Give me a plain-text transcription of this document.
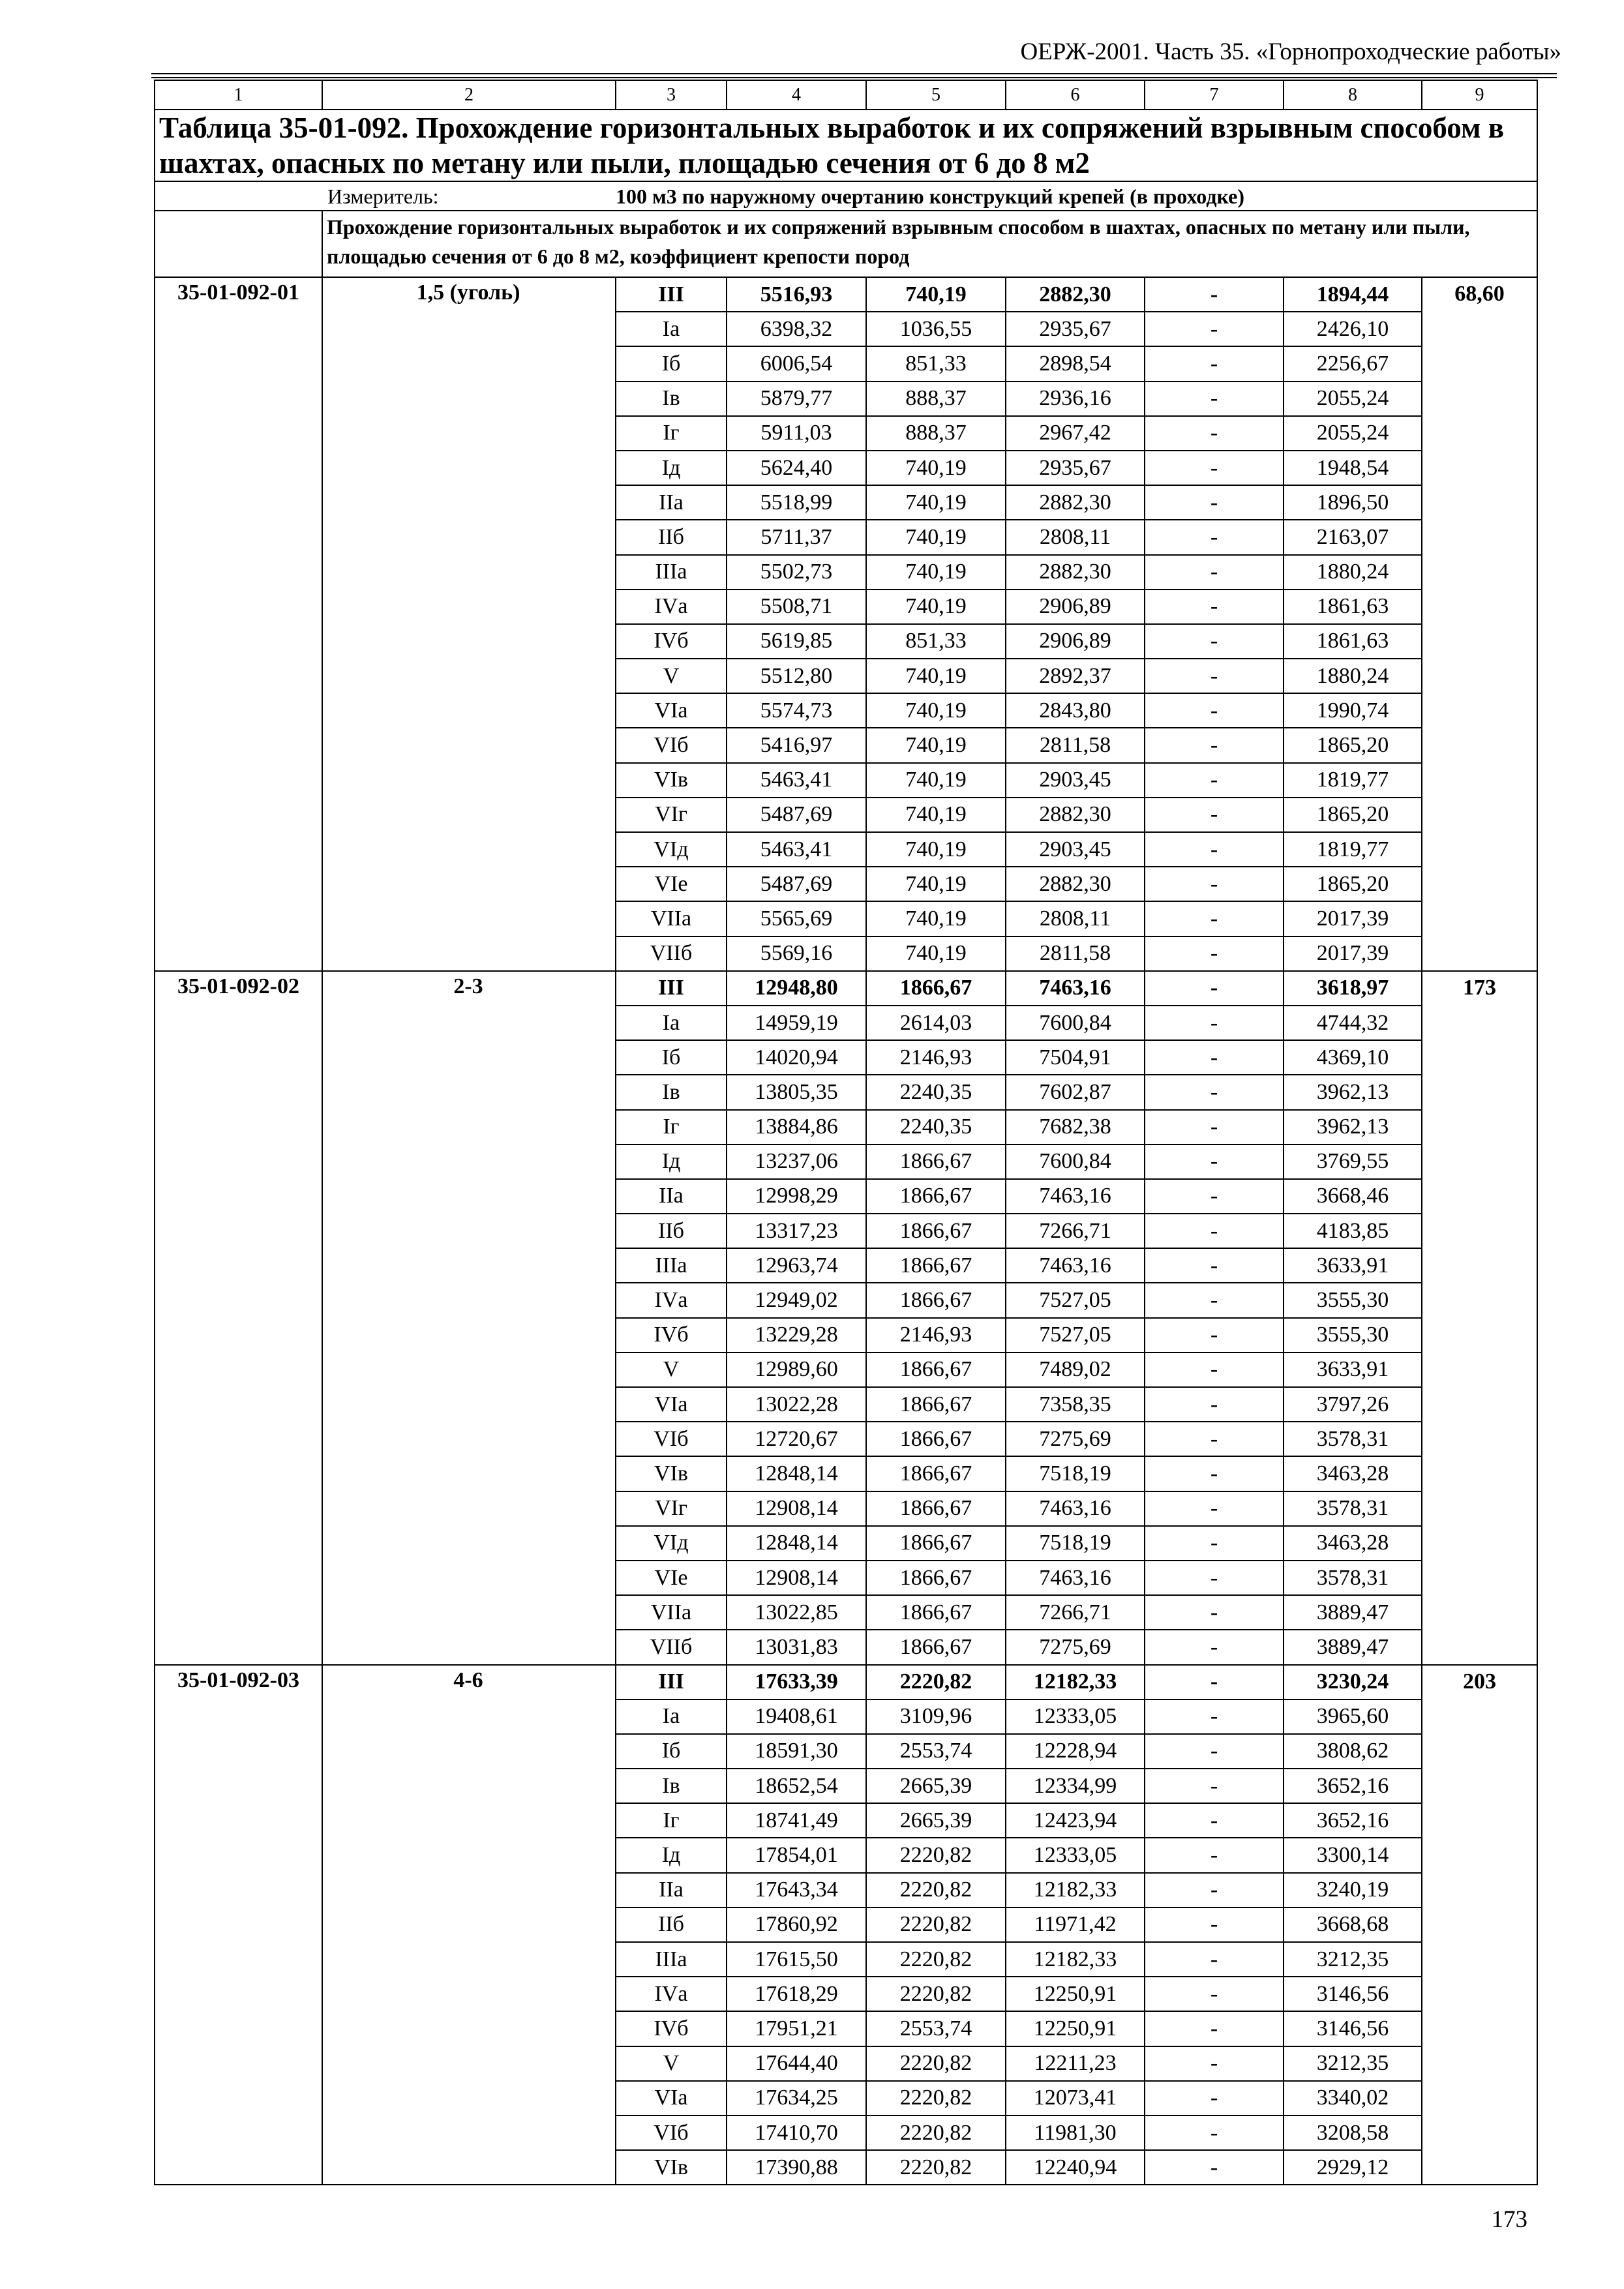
ОЕРЖ-2001. Часть 35. «Горнопроходческие работы»
1	2	3	4	5	6	7	8	9
Таблица 35-01-092. Прохождение горизонтальных выработок и их сопряжений взрывным способом в шахтах, опасных по метану или пыли, площадью сечения от 6 до 8 м2								
	Измеритель:	100 м3 по наружному очертанию конструкций крепей (в проходке)						
	Прохождение горизонтальных выработок и их сопряжений взрывным способом в шахтах, опасных по метану или пыли, площадью сечения от 6 до 8 м2, коэффициент крепости пород							
35-01-092-01	1,5 (уголь)	III	5516,93	740,19	2882,30	-	1894,44	68,60
		Iа	6398,32	1036,55	2935,67	-	2426,10	
		Iб	6006,54	851,33	2898,54	-	2256,67	
		Iв	5879,77	888,37	2936,16	-	2055,24	
		Iг	5911,03	888,37	2967,42	-	2055,24	
		Iд	5624,40	740,19	2935,67	-	1948,54	
		IIа	5518,99	740,19	2882,30	-	1896,50	
		IIб	5711,37	740,19	2808,11	-	2163,07	
		IIIа	5502,73	740,19	2882,30	-	1880,24	
		IVа	5508,71	740,19	2906,89	-	1861,63	
		IVб	5619,85	851,33	2906,89	-	1861,63	
		V	5512,80	740,19	2892,37	-	1880,24	
		VIа	5574,73	740,19	2843,80	-	1990,74	
		VIб	5416,97	740,19	2811,58	-	1865,20	
		VIв	5463,41	740,19	2903,45	-	1819,77	
		VIг	5487,69	740,19	2882,30	-	1865,20	
		VIд	5463,41	740,19	2903,45	-	1819,77	
		VIе	5487,69	740,19	2882,30	-	1865,20	
		VIIа	5565,69	740,19	2808,11	-	2017,39	
		VIIб	5569,16	740,19	2811,58	-	2017,39	
35-01-092-02	2-3	III	12948,80	1866,67	7463,16	-	3618,97	173
		Iа	14959,19	2614,03	7600,84	-	4744,32	
		Iб	14020,94	2146,93	7504,91	-	4369,10	
		Iв	13805,35	2240,35	7602,87	-	3962,13	
		Iг	13884,86	2240,35	7682,38	-	3962,13	
		Iд	13237,06	1866,67	7600,84	-	3769,55	
		IIа	12998,29	1866,67	7463,16	-	3668,46	
		IIб	13317,23	1866,67	7266,71	-	4183,85	
		IIIа	12963,74	1866,67	7463,16	-	3633,91	
		IVа	12949,02	1866,67	7527,05	-	3555,30	
		IVб	13229,28	2146,93	7527,05	-	3555,30	
		V	12989,60	1866,67	7489,02	-	3633,91	
		VIа	13022,28	1866,67	7358,35	-	3797,26	
		VIб	12720,67	1866,67	7275,69	-	3578,31	
		VIв	12848,14	1866,67	7518,19	-	3463,28	
		VIг	12908,14	1866,67	7463,16	-	3578,31	
		VIд	12848,14	1866,67	7518,19	-	3463,28	
		VIе	12908,14	1866,67	7463,16	-	3578,31	
		VIIа	13022,85	1866,67	7266,71	-	3889,47	
		VIIб	13031,83	1866,67	7275,69	-	3889,47	
35-01-092-03	4-6	III	17633,39	2220,82	12182,33	-	3230,24	203
		Iа	19408,61	3109,96	12333,05	-	3965,60	
		Iб	18591,30	2553,74	12228,94	-	3808,62	
		Iв	18652,54	2665,39	12334,99	-	3652,16	
		Iг	18741,49	2665,39	12423,94	-	3652,16	
		Iд	17854,01	2220,82	12333,05	-	3300,14	
		IIа	17643,34	2220,82	12182,33	-	3240,19	
		IIб	17860,92	2220,82	11971,42	-	3668,68	
		IIIа	17615,50	2220,82	12182,33	-	3212,35	
		IVа	17618,29	2220,82	12250,91	-	3146,56	
		IVб	17951,21	2553,74	12250,91	-	3146,56	
		V	17644,40	2220,82	12211,23	-	3212,35	
		VIа	17634,25	2220,82	12073,41	-	3340,02	
		VIб	17410,70	2220,82	11981,30	-	3208,58	
		VIв	17390,88	2220,82	12240,94	-	2929,12	
173
